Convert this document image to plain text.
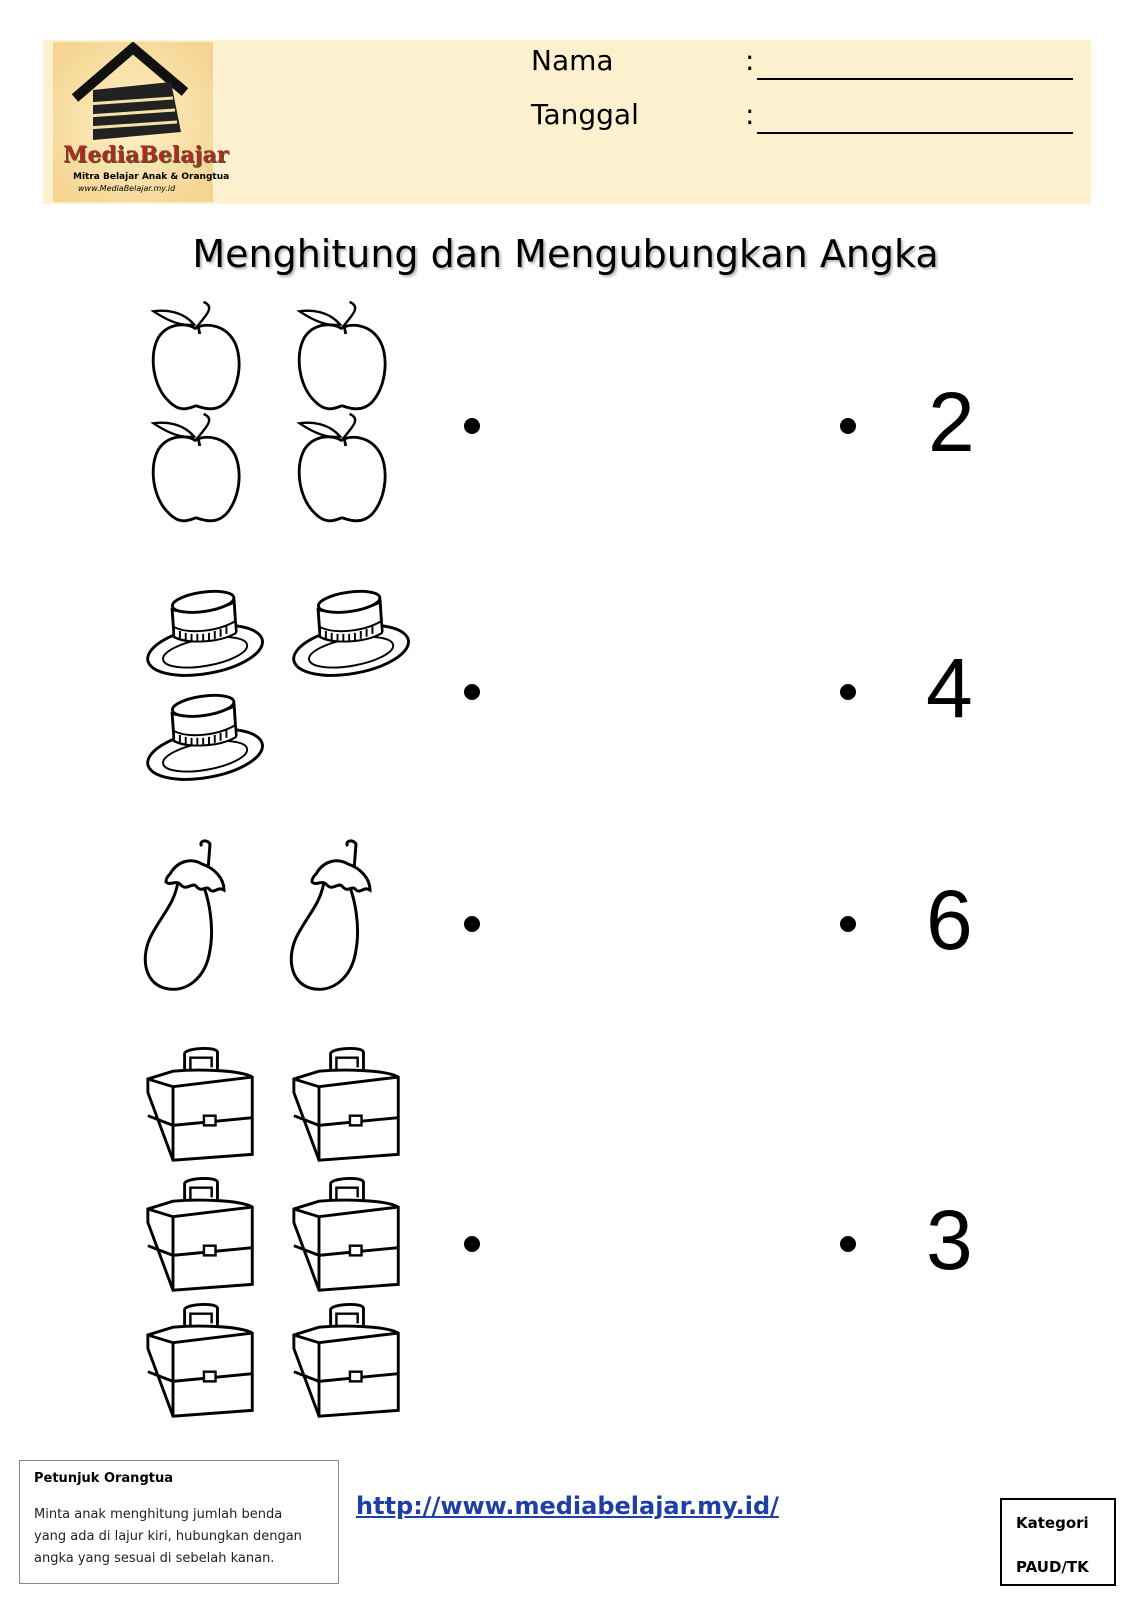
MediaBelajar
Mitra Belajar Anak & Orangtua
www.MediaBelajar.my.id
Nama	:
Tanggal	:
Menghitung dan Mengubungkan Angka
2
4
6
3
Petunjuk Orangtua
Minta anak menghitung jumlah benda
yang ada di lajur kiri, hubungkan dengan
angka yang sesuai di sebelah kanan.
http://www.mediabelajar.my.id/
Kategori
PAUD/TK
